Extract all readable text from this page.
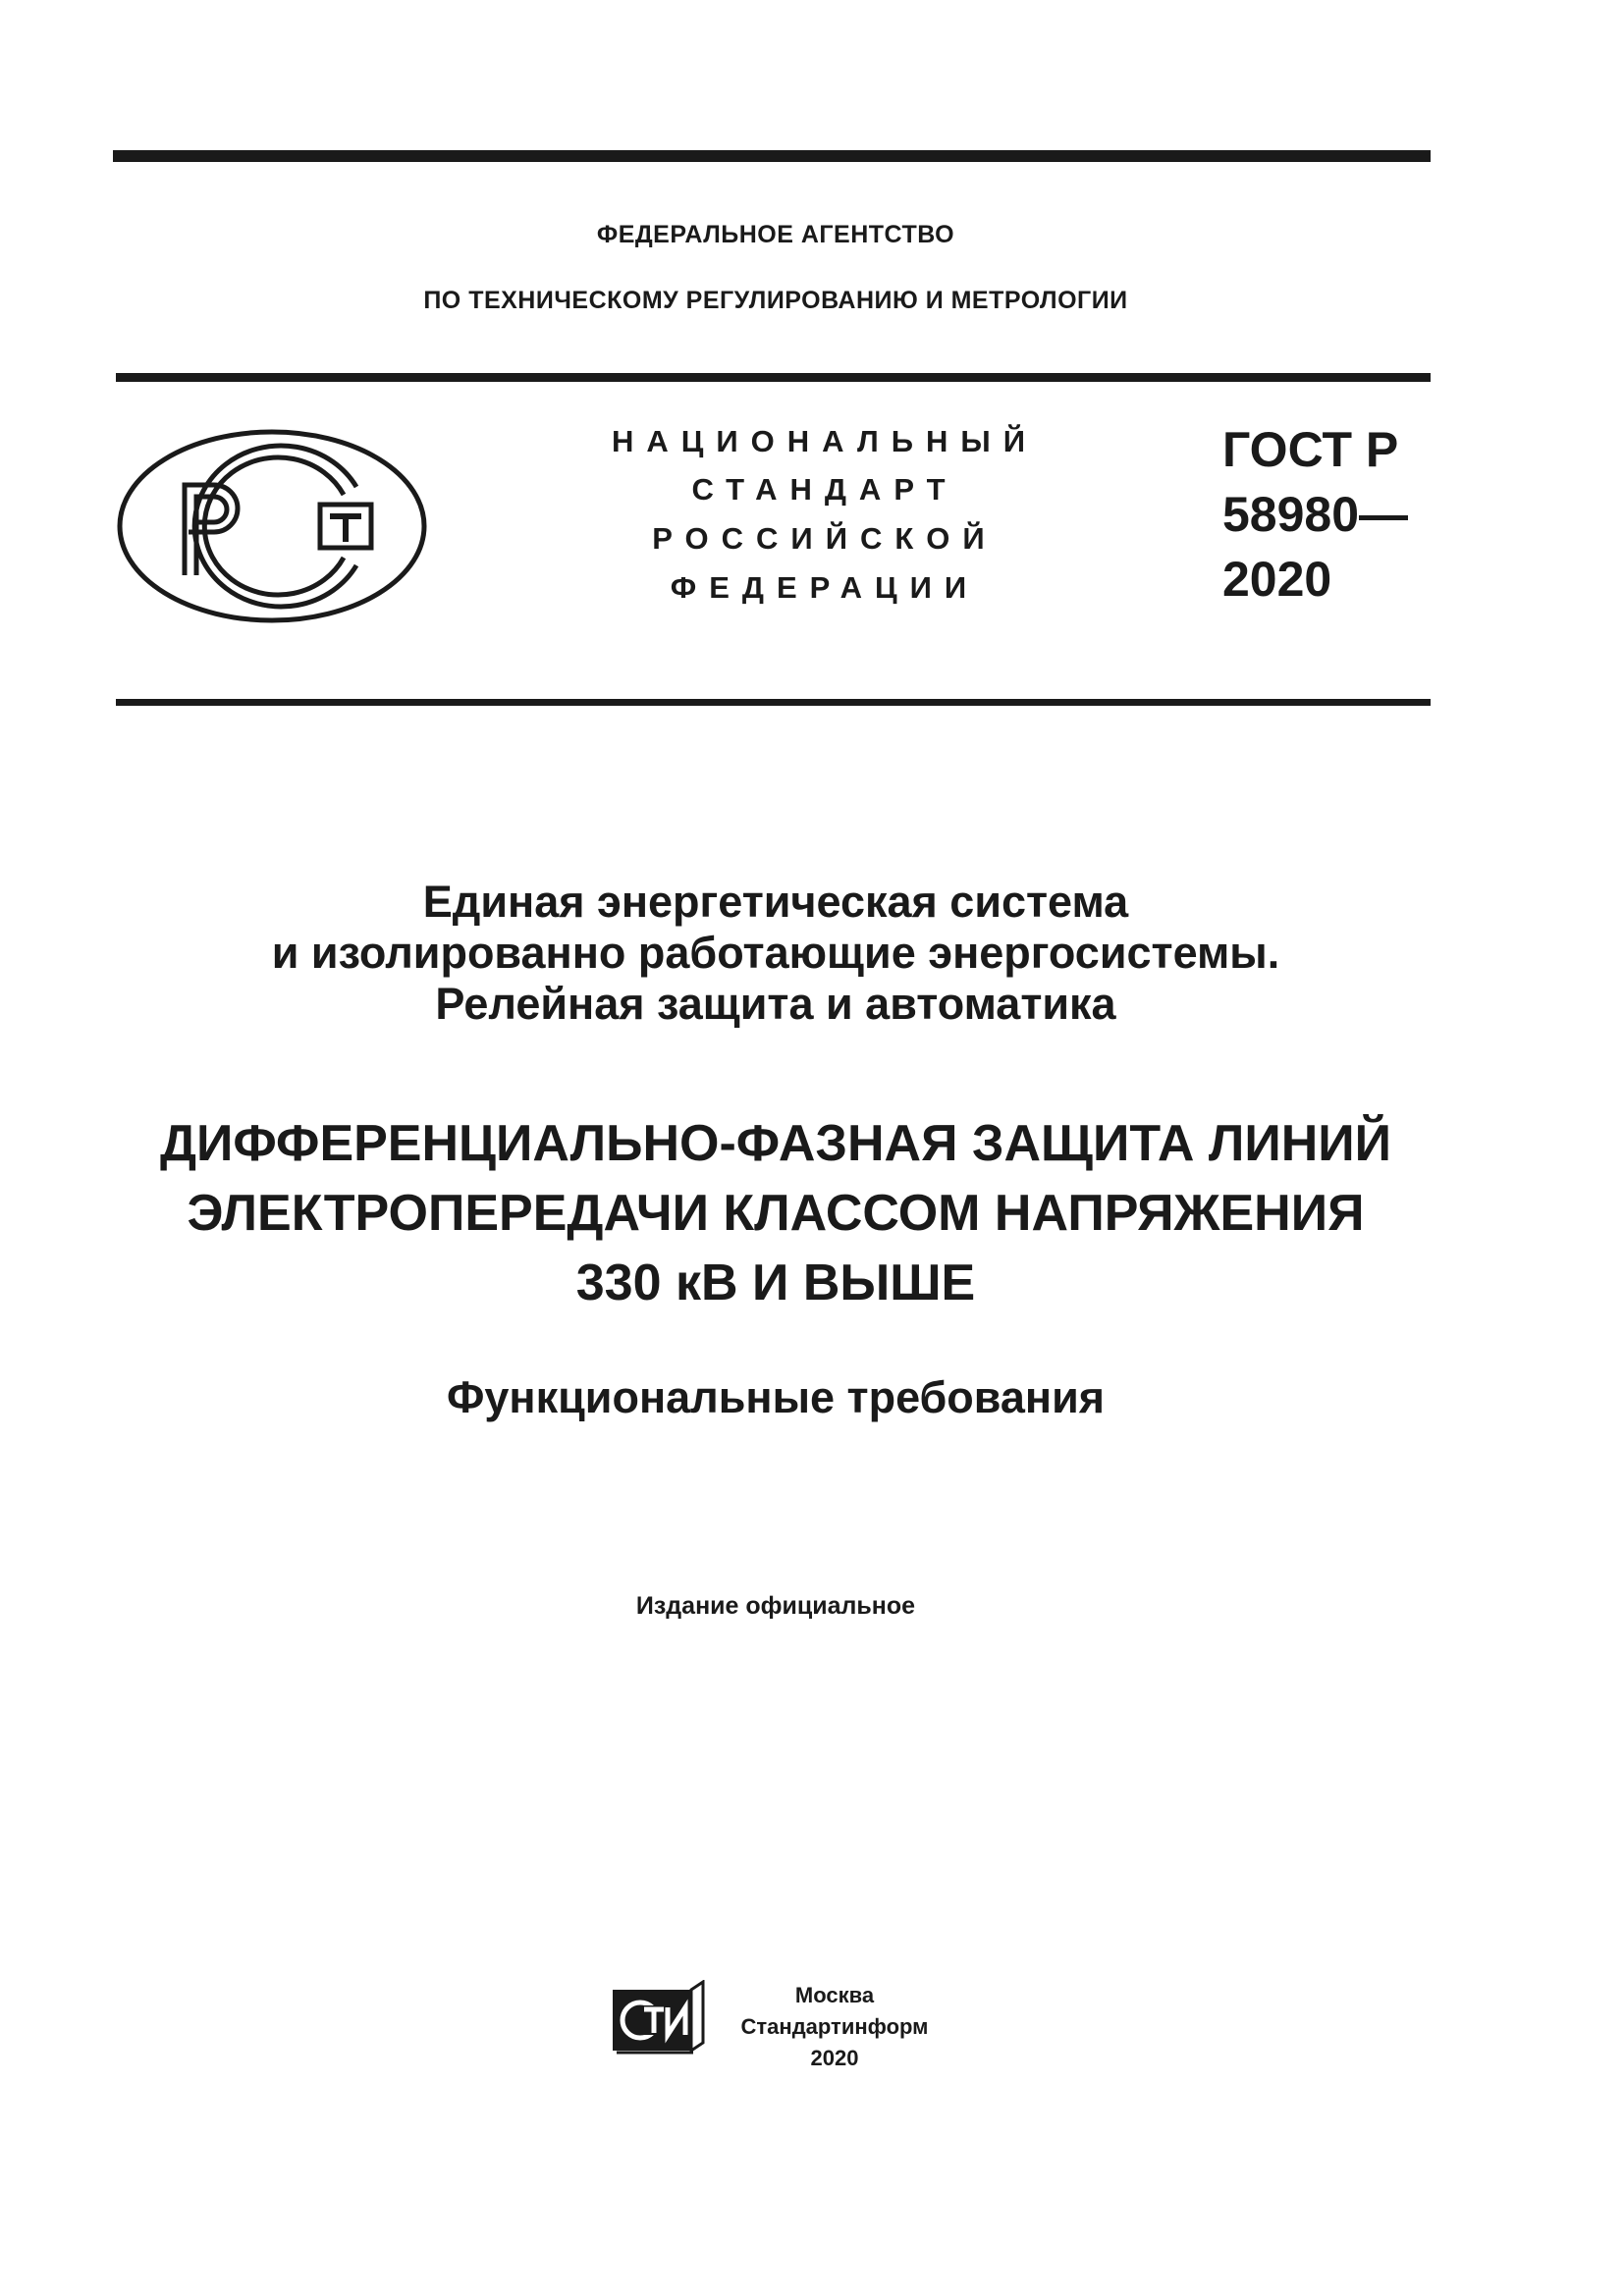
ФЕДЕРАЛЬНОЕ АГЕНТСТВО
ПО ТЕХНИЧЕСКОМУ РЕГУЛИРОВАНИЮ И МЕТРОЛОГИИ
НАЦИОНАЛЬНЫЙ
СТАНДАРТ
РОССИЙСКОЙ
ФЕДЕРАЦИИ
ГОСТ Р
58980—
2020
Единая энергетическая система
и изолированно работающие энергосистемы.
Релейная защита и автоматика
ДИФФЕРЕНЦИАЛЬНО-ФАЗНАЯ ЗАЩИТА ЛИНИЙ
ЭЛЕКТРОПЕРЕДАЧИ КЛАССОМ НАПРЯЖЕНИЯ
330 кВ И ВЫШЕ
Функциональные требования
Издание официальное
Москва
Стандартинформ
2020
